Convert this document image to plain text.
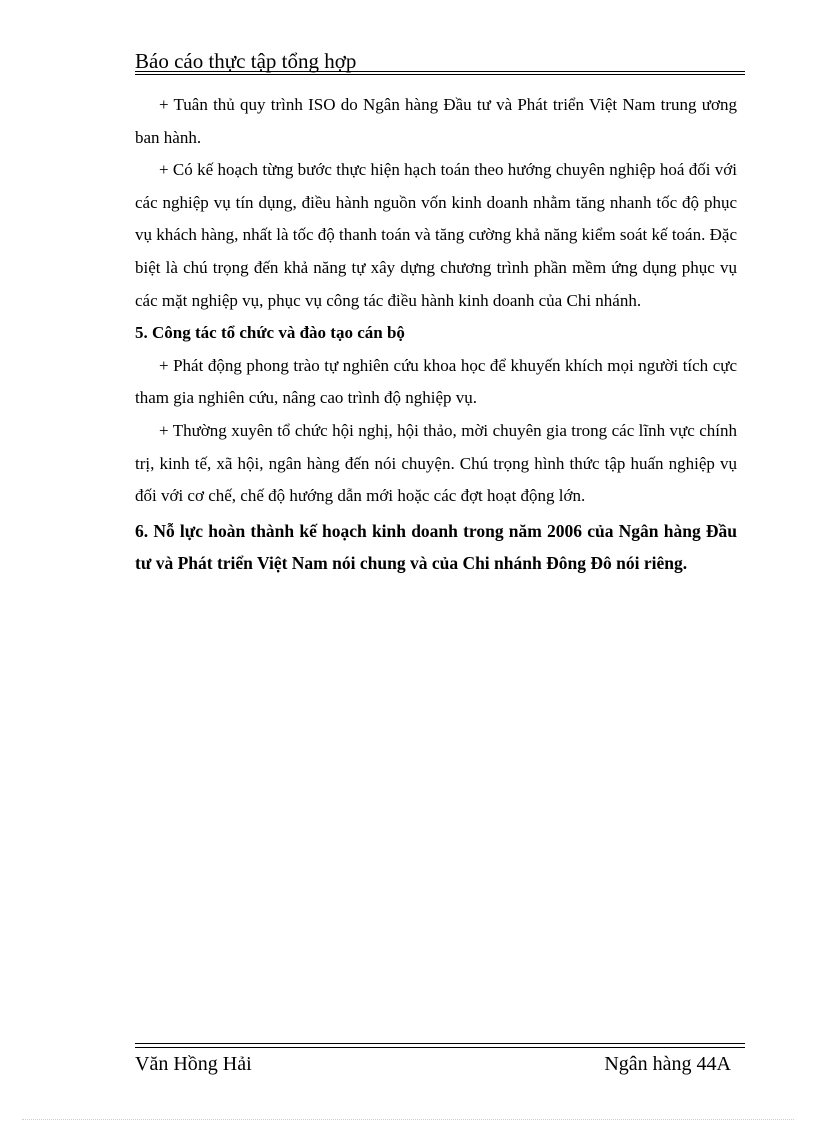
Báo cáo thực tập tổng hợp

+ Tuân thủ quy trình ISO do Ngân hàng Đầu tư và Phát triển Việt Nam trung ương ban hành.

+ Có kế hoạch từng bước thực hiện hạch toán theo hướng chuyên nghiệp hoá đối với các nghiệp vụ tín dụng, điều hành nguồn vốn kinh doanh nhằm tăng nhanh tốc độ phục vụ khách hàng, nhất là tốc độ thanh toán và tăng cường khả năng kiểm soát kế toán. Đặc biệt là chú trọng đến khả năng tự xây dựng chương trình phần mềm ứng dụng phục vụ các mặt nghiệp vụ, phục vụ công tác điều hành kinh doanh của Chi nhánh.

5. Công tác tổ chức và đào tạo cán bộ

+ Phát động phong trào tự nghiên cứu khoa học để khuyến khích mọi người tích cực tham gia nghiên cứu, nâng cao trình độ nghiệp vụ.

+ Thường xuyên tổ chức hội nghị, hội thảo, mời chuyên gia trong các lĩnh vực chính trị, kinh tế, xã hội, ngân hàng đến nói chuyện. Chú trọng hình thức tập huấn nghiệp vụ đối với cơ chế, chế độ hướng dẫn mới hoặc các đợt hoạt động lớn.

6. Nỗ lực hoàn thành kế hoạch kinh doanh trong năm 2006 của Ngân hàng Đầu tư và Phát triển Việt Nam nói chung và của Chi nhánh Đông Đô nói riêng.

Văn Hồng Hải	Ngân hàng 44A
